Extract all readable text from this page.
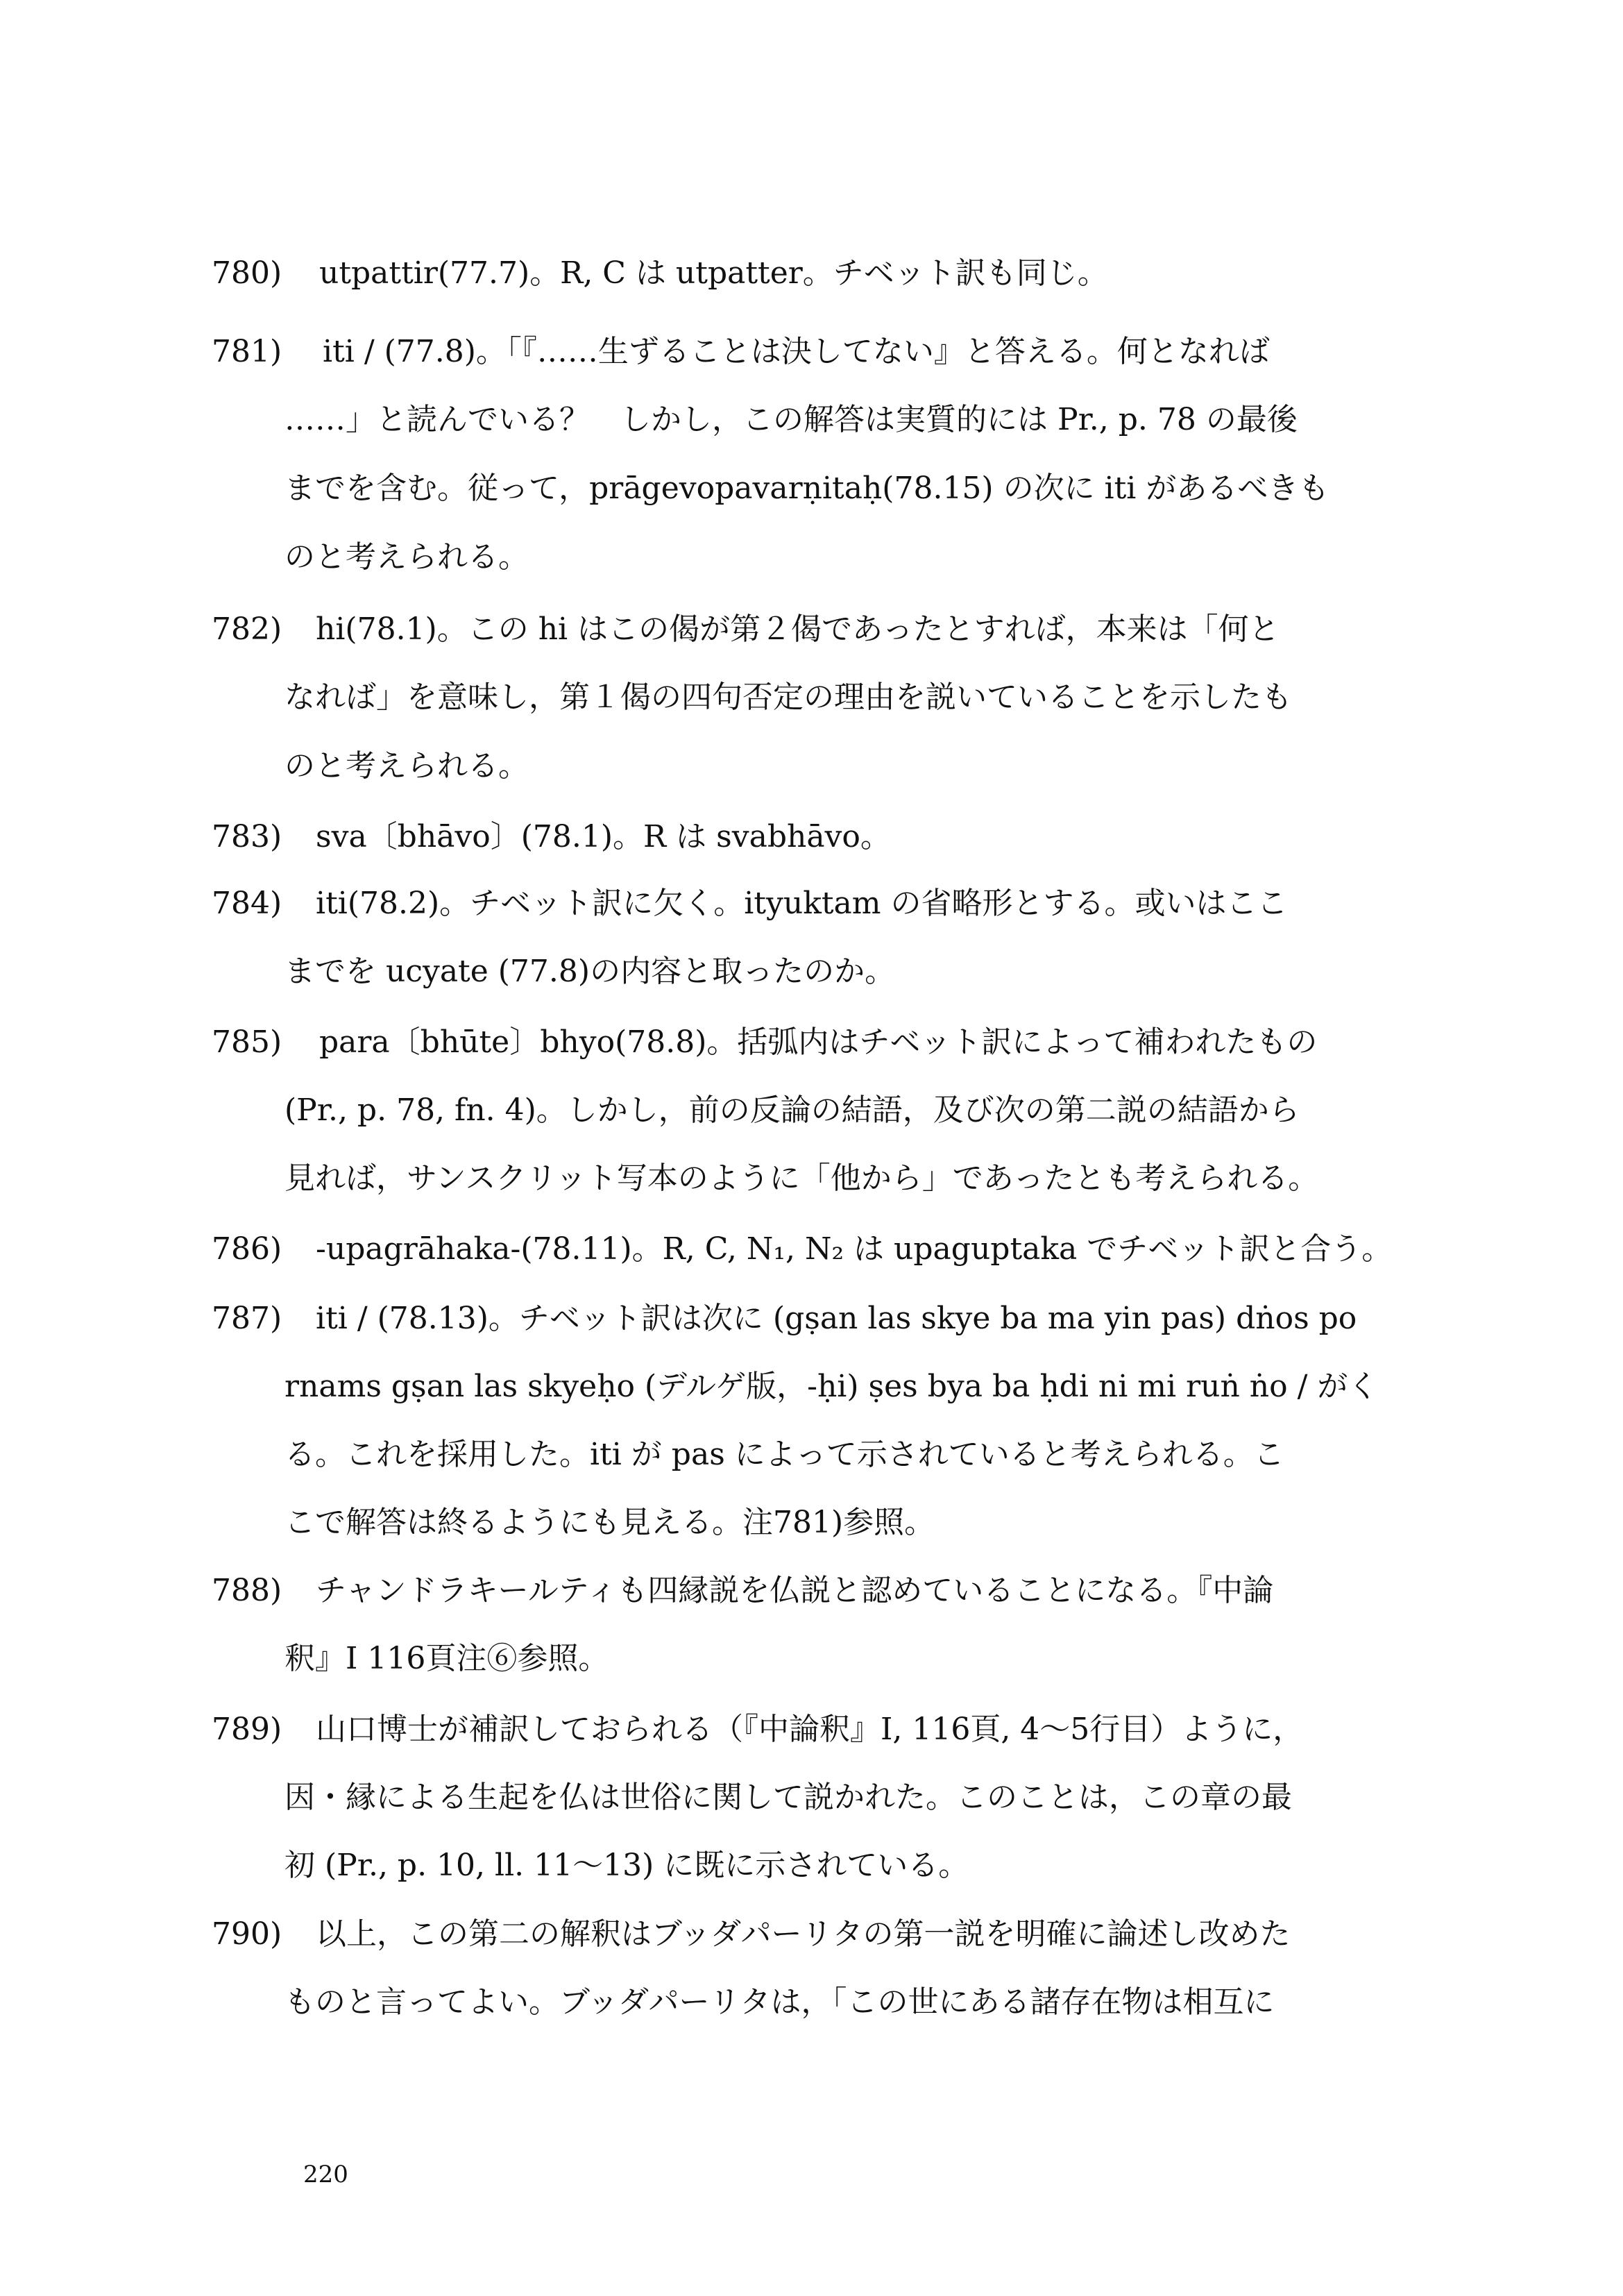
780) utpattir(77.7)。R, C は utpatter。チベット訳も同じ。
781) iti / (77.8)。「『……生ずることは決してない』と答える。何となれば
……」と読んでいる？　しかし，この解答は実質的には Pr., p. 78 の最後
までを含む。従って，prāgevopavarṇitaḥ(78.15) の次に iti があるべきも
のと考えられる。
782) hi(78.1)。この hi はこの偈が第２偈であったとすれば，本来は「何と
なれば」を意味し，第１偈の四句否定の理由を説いていることを示したも
のと考えられる。
783) sva〔bhāvo〕(78.1)。R は svabhāvo。
784) iti(78.2)。チベット訳に欠く。ityuktam の省略形とする。或いはここ
までを ucyate (77.8)の内容と取ったのか。
785) para〔bhūte〕bhyo(78.8)。括弧内はチベット訳によって補われたもの
(Pr., p. 78, fn. 4)。しかし，前の反論の結語，及び次の第二説の結語から
見れば，サンスクリット写本のように「他から」であったとも考えられる。
786) -upagrāhaka-(78.11)。R, C, N₁, N₂ は upaguptaka でチベット訳と合う。
787) iti / (78.13)。チベット訳は次に (gṣan las skye ba ma yin pas) dṅos po
rnams gṣan las skyeḥo (デルゲ版，-ḥi) ṣes bya ba ḥdi ni mi ruṅ ṅo / がく
る。これを採用した。iti が pas によって示されていると考えられる。こ
こで解答は終るようにも見える。注781)参照。
788) チャンドラキールティも四縁説を仏説と認めていることになる。『中論
釈』I 116頁注⑥参照。
789) 山口博士が補訳しておられる（『中論釈』I, 116頁, 4～5行目）ように，
因・縁による生起を仏は世俗に関して説かれた。このことは，この章の最
初 (Pr., p. 10, ll. 11～13) に既に示されている。
790) 以上，この第二の解釈はブッダパーリタの第一説を明確に論述し改めた
ものと言ってよい。ブッダパーリタは，「この世にある諸存在物は相互に
220
